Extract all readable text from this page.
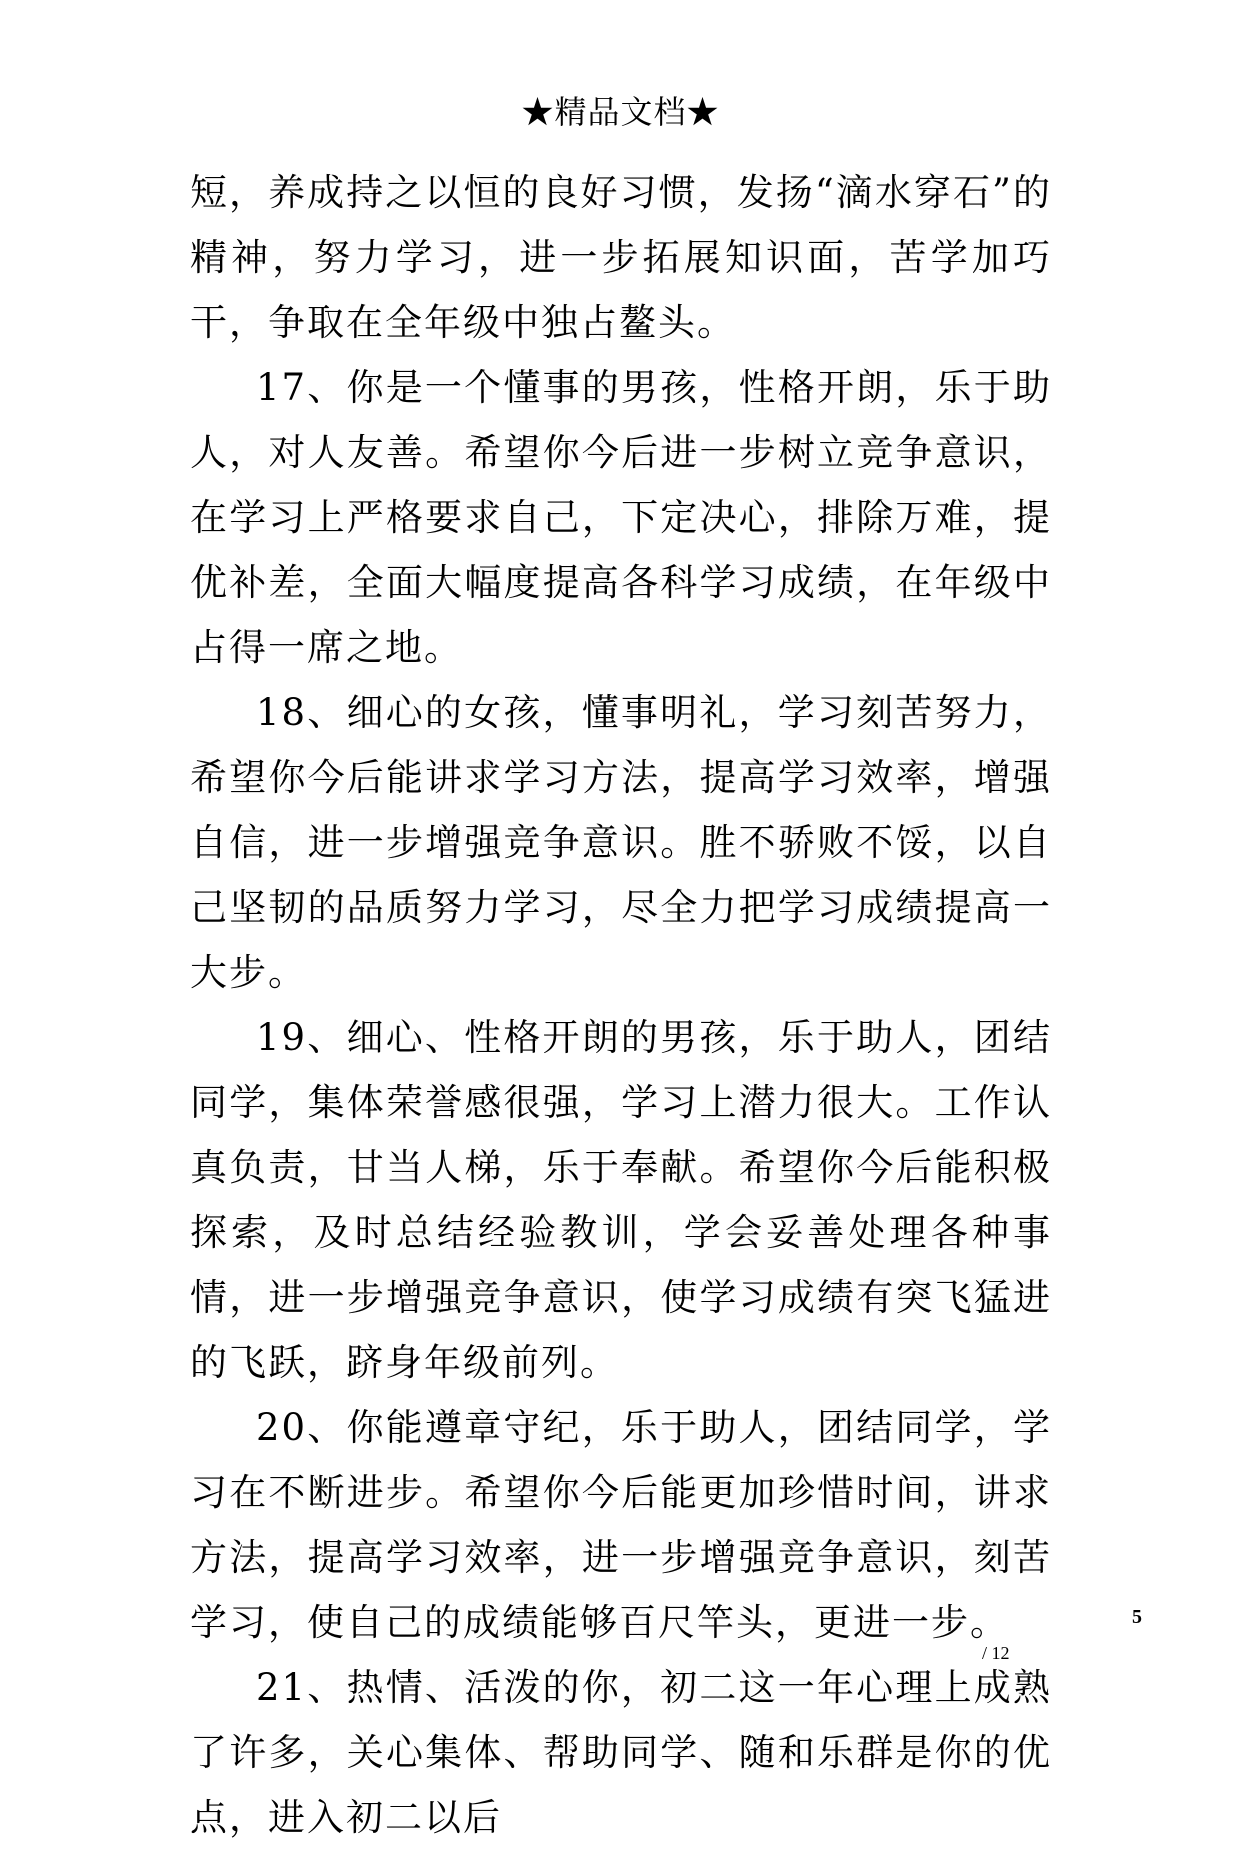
★精品文档★

短，养成持之以恒的良好习惯，发扬“滴水穿石”的精神，努力学习，进一步拓展知识面，苦学加巧干，争取在全年级中独占鳌头。

17、你是一个懂事的男孩，性格开朗，乐于助人，对人友善。希望你今后进一步树立竞争意识，在学习上严格要求自己，下定决心，排除万难，提优补差，全面大幅度提高各科学习成绩，在年级中占得一席之地。

18、细心的女孩，懂事明礼，学习刻苦努力，希望你今后能讲求学习方法，提高学习效率，增强自信，进一步增强竞争意识。胜不骄败不馁，以自己坚韧的品质努力学习，尽全力把学习成绩提高一大步。

19、细心、性格开朗的男孩，乐于助人，团结同学，集体荣誉感很强，学习上潜力很大。工作认真负责，甘当人梯，乐于奉献。希望你今后能积极探索，及时总结经验教训，学会妥善处理各种事情，进一步增强竞争意识，使学习成绩有突飞猛进的飞跃，跻身年级前列。

20、你能遵章守纪，乐于助人，团结同学，学习在不断进步。希望你今后能更加珍惜时间，讲求方法，提高学习效率，进一步增强竞争意识，刻苦学习，使自己的成绩能够百尺竿头，更进一步。

21、热情、活泼的你，初二这一年心理上成熟了许多，关心集体、帮助同学、随和乐群是你的优点，进入初二以后

5
/ 12
